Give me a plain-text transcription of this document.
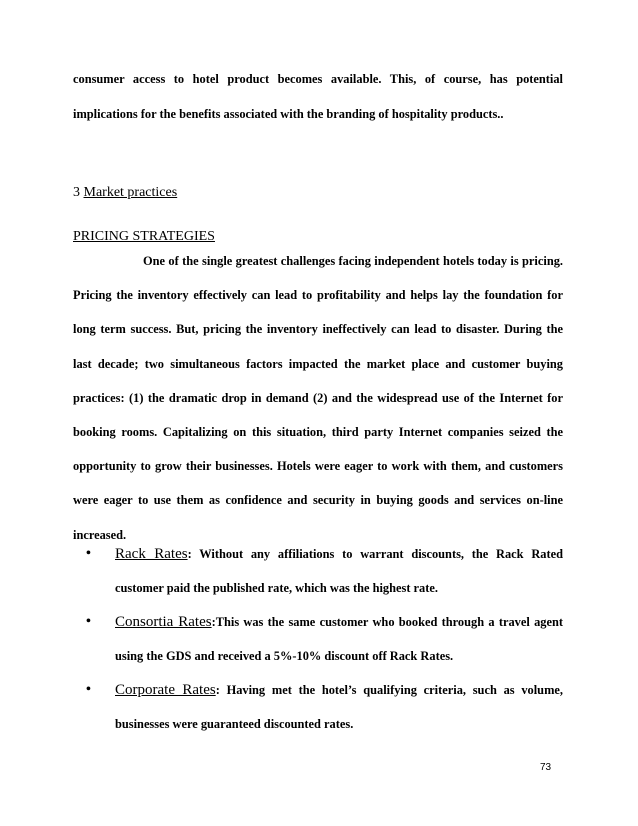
consumer access to hotel product becomes available. This, of course, has potential
implications for the benefits associated with the branding of hospitality products..
3 Market practices
PRICING STRATEGIES
One of the single greatest challenges facing independent hotels today is pricing. Pricing the inventory effectively can lead to profitability and helps lay the foundation for long term success. But, pricing the inventory ineffectively can lead to disaster. During the last decade; two simultaneous factors impacted the market place and customer buying practices: (1) the dramatic drop in demand (2) and the widespread use of the Internet for booking rooms. Capitalizing on this situation, third party Internet companies seized the opportunity to grow their businesses. Hotels were eager to work with them, and customers were eager to use them as confidence and security in buying goods and services on-line increased.
•	Rack Rates: Without any affiliations to warrant discounts, the Rack Rated customer paid the published rate, which was the highest rate.
•	Consortia Rates:This was the same customer who booked through a travel agent using the GDS and received a 5%-10% discount off Rack Rates.
•	Corporate Rates: Having met the hotel’s qualifying criteria, such as volume, businesses were guaranteed discounted rates.
73
